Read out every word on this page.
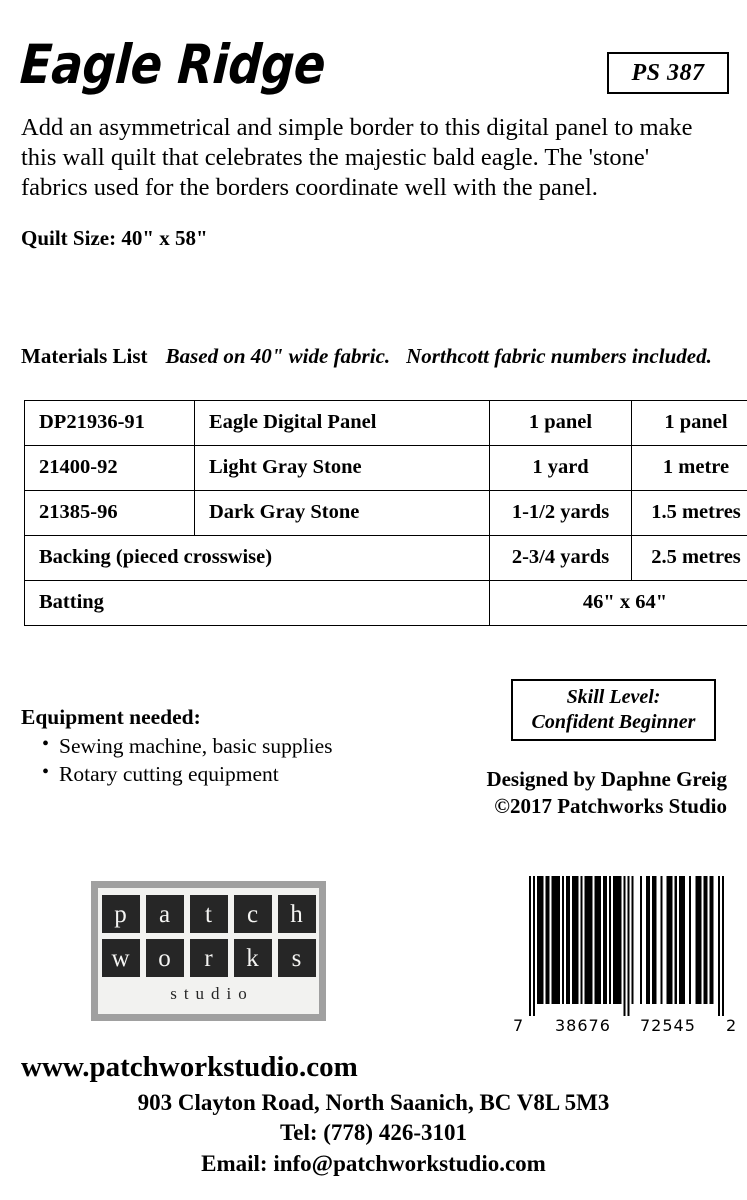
Eagle Ridge	PS 387
Add an asymmetrical and simple border to this digital panel to make this wall quilt that celebrates the majestic bald eagle. The 'stone' fabrics used for the borders coordinate well with the panel.
Quilt Size: 40" x 58"
Materials List Based on 40" wide fabric. Northcott fabric numbers included.
DP21936-91	Eagle Digital Panel	1 panel	1 panel
21400-92	Light Gray Stone	1 yard	1 metre
21385-96	Dark Gray Stone	1-1/2 yards	1.5 metres
Backing (pieced crosswise)		2-3/4 yards	2.5 metres
Batting		46" x 64"	
Equipment needed:
• Sewing machine, basic supplies
• Rotary cutting equipment
Skill Level:
Confident Beginner
Designed by Daphne Greig
©2017 Patchworks Studio
p	a	t	c	h
w	o	r	k	s
studio
7 38676 72545 2
www.patchworkstudio.com
903 Clayton Road, North Saanich, BC V8L 5M3
Tel: (778) 426-3101
Email: info@patchworkstudio.com
